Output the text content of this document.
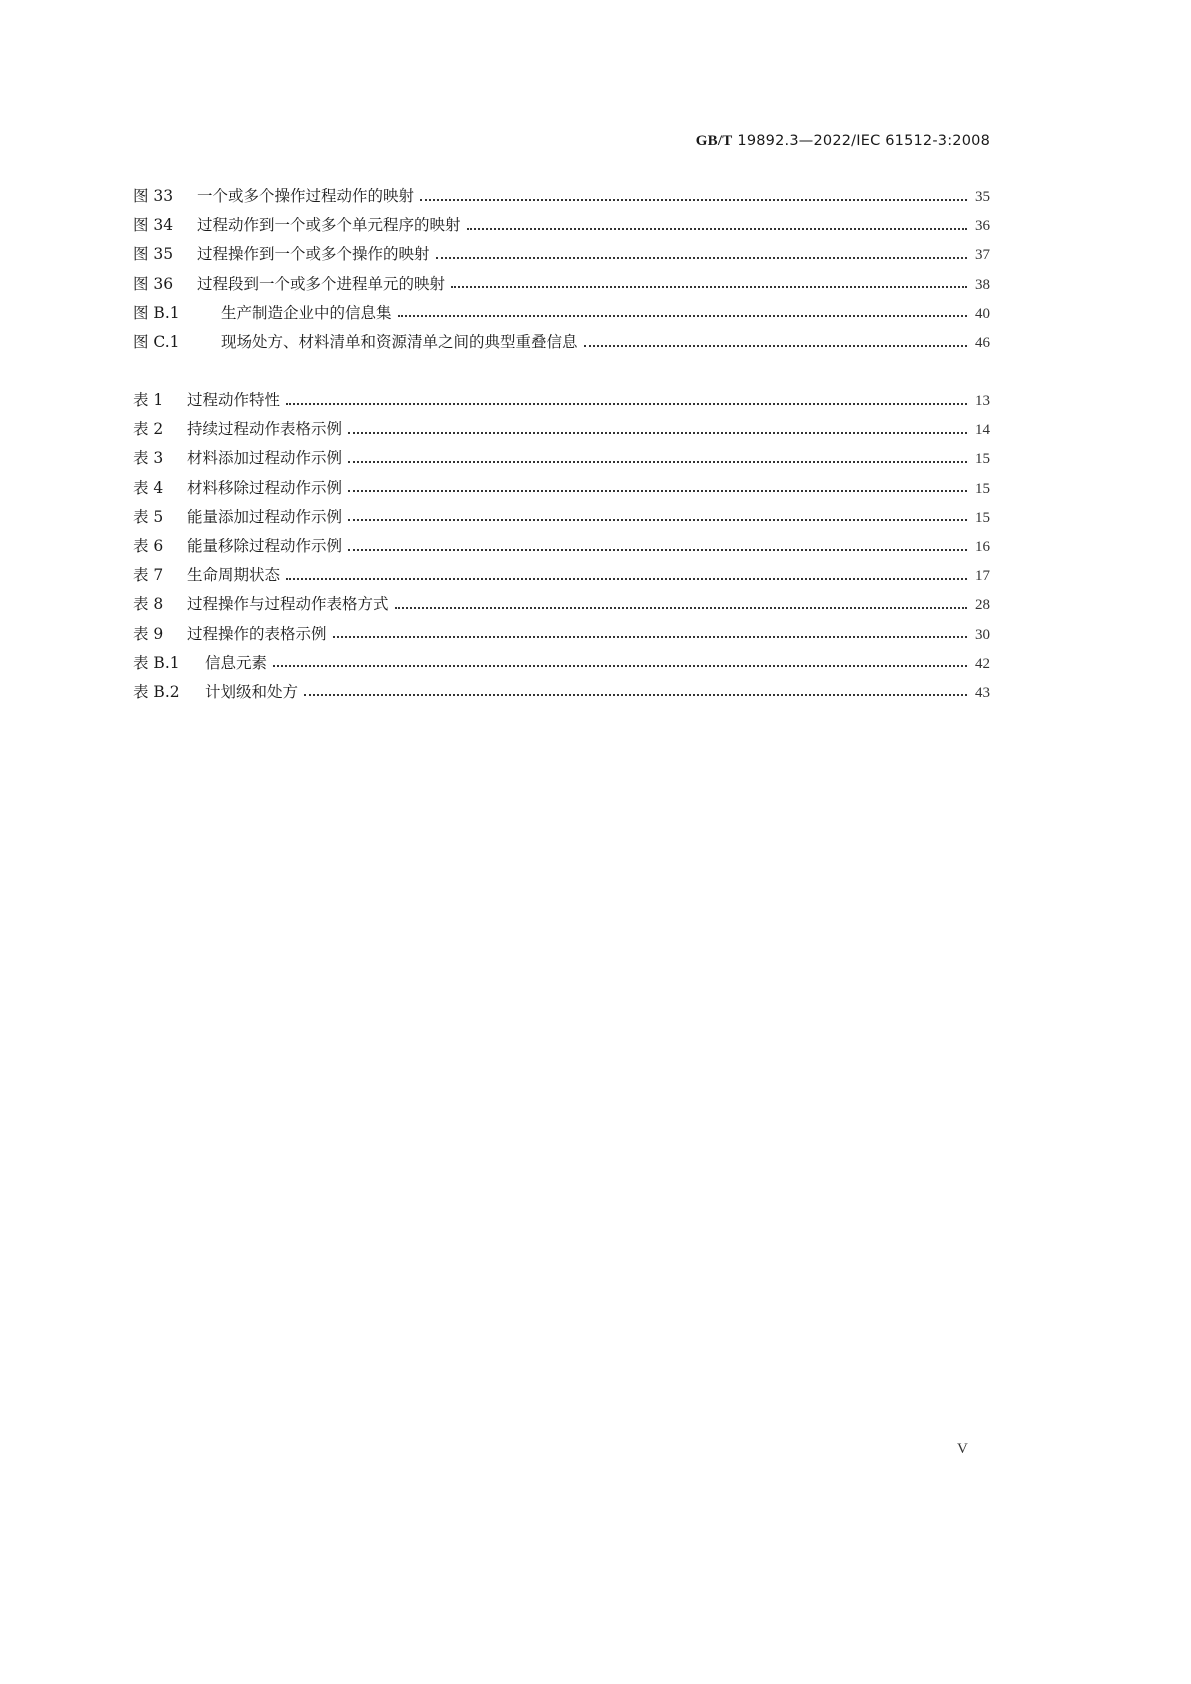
GB/T 19892.3—2022/IEC 61512-3:2008
图 33	一个或多个操作过程动作的映射	35
图 34	过程动作到一个或多个单元程序的映射	36
图 35	过程操作到一个或多个操作的映射	37
图 36	过程段到一个或多个进程单元的映射	38
图 B.1	生产制造企业中的信息集	40
图 C.1	现场处方、材料清单和资源清单之间的典型重叠信息	46
表 1	过程动作特性	13
表 2	持续过程动作表格示例	14
表 3	材料添加过程动作示例	15
表 4	材料移除过程动作示例	15
表 5	能量添加过程动作示例	15
表 6	能量移除过程动作示例	16
表 7	生命周期状态	17
表 8	过程操作与过程动作表格方式	28
表 9	过程操作的表格示例	30
表 B.1	信息元素	42
表 B.2	计划级和处方	43
V
